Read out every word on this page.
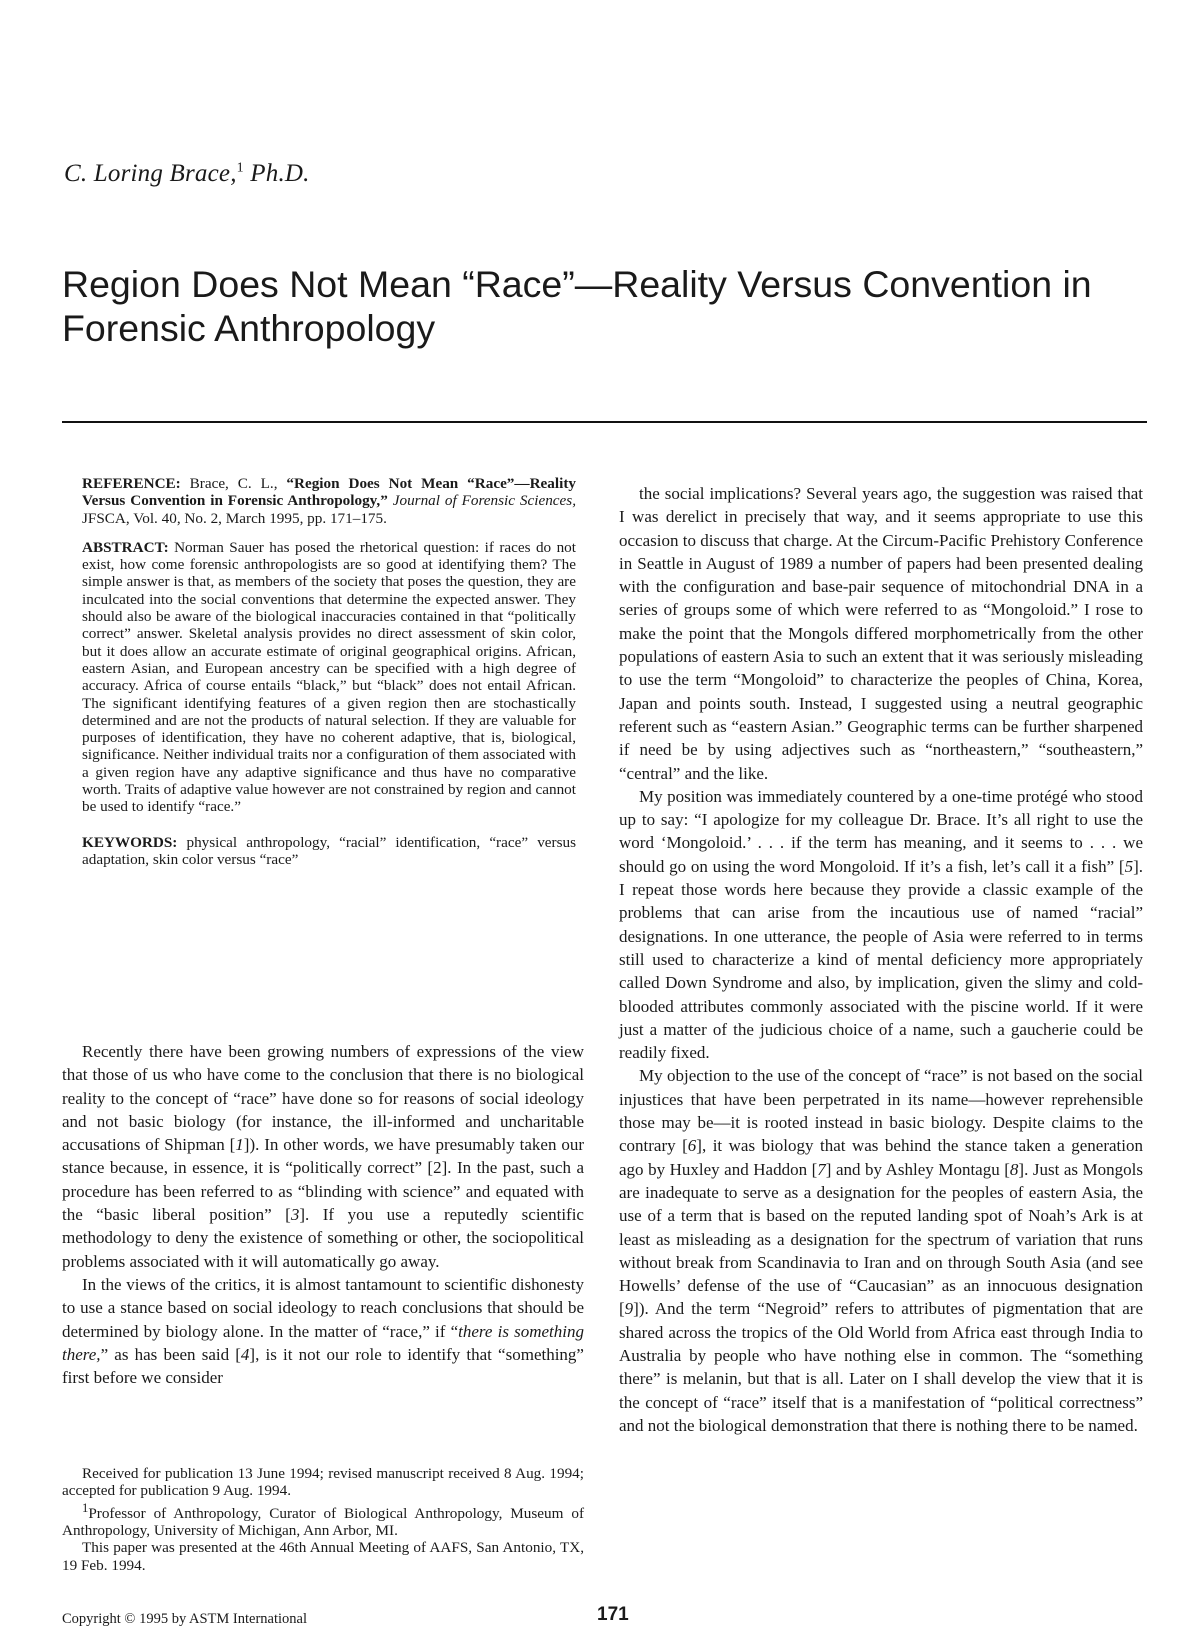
C. Loring Brace,$^1$ Ph.D.
Region Does Not Mean “Race”—Reality Versus Convention in Forensic Anthropology

REFERENCE: Brace, C. L., “Region Does Not Mean “Race”—Reality Versus Convention in Forensic Anthropology,” Journal of Forensic Sciences, JFSCA, Vol. 40, No. 2, March 1995, pp. 171–175.

ABSTRACT: Norman Sauer has posed the rhetorical question: if races do not exist, how come forensic anthropologists are so good at identifying them? The simple answer is that, as members of the society that poses the question, they are inculcated into the social conventions that determine the expected answer. They should also be aware of the biological inaccuracies contained in that “politically correct” answer. Skeletal analysis provides no direct assessment of skin color, but it does allow an accurate estimate of original geographical origins. African, eastern Asian, and European ancestry can be specified with a high degree of accuracy. Africa of course entails “black,” but “black” does not entail African. The significant identifying features of a given region then are stochastically determined and are not the products of natural selection. If they are valuable for purposes of identification, they have no coherent adaptive, that is, biological, significance. Neither individual traits nor a configuration of them associated with a given region have any adaptive significance and thus have no comparative worth. Traits of adaptive value however are not constrained by region and cannot be used to identify “race.”

KEYWORDS: physical anthropology, “racial” identification, “race” versus adaptation, skin color versus “race”

Recently there have been growing numbers of expressions of the view that those of us who have come to the conclusion that there is no biological reality to the concept of “race” have done so for reasons of social ideology and not basic biology (for instance, the ill-informed and uncharitable accusations of Shipman [1]). In other words, we have presumably taken our stance because, in essence, it is “politically correct” [2]. In the past, such a procedure has been referred to as “blinding with science” and equated with the “basic liberal position” [3]. If you use a reputedly scientific methodology to deny the existence of something or other, the sociopolitical problems associated with it will automatically go away.

In the views of the critics, it is almost tantamount to scientific dishonesty to use a stance based on social ideology to reach conclusions that should be determined by biology alone. In the matter of “race,” if “there is something there,” as has been said [4], is it not our role to identify that “something” first before we consider

Received for publication 13 June 1994; revised manuscript received 8 Aug. 1994; accepted for publication 9 Aug. 1994.

$^1$Professor of Anthropology, Curator of Biological Anthropology, Museum of Anthropology, University of Michigan, Ann Arbor, MI.

This paper was presented at the 46th Annual Meeting of AAFS, San Antonio, TX, 19 Feb. 1994.

the social implications? Several years ago, the suggestion was raised that I was derelict in precisely that way, and it seems appropriate to use this occasion to discuss that charge. At the Circum-Pacific Prehistory Conference in Seattle in August of 1989 a number of papers had been presented dealing with the configuration and base-pair sequence of mitochondrial DNA in a series of groups some of which were referred to as “Mongoloid.” I rose to make the point that the Mongols differed morphometrically from the other populations of eastern Asia to such an extent that it was seriously misleading to use the term “Mongoloid” to characterize the peoples of China, Korea, Japan and points south. Instead, I suggested using a neutral geographic referent such as “eastern Asian.” Geographic terms can be further sharpened if need be by using adjectives such as “northeastern,” “southeastern,” “central” and the like.

My position was immediately countered by a one-time protégé who stood up to say: “I apologize for my colleague Dr. Brace. It’s all right to use the word ‘Mongoloid.’ . . . if the term has meaning, and it seems to . . . we should go on using the word Mongoloid. If it’s a fish, let’s call it a fish” [5]. I repeat those words here because they provide a classic example of the problems that can arise from the incautious use of named “racial” designations. In one utterance, the people of Asia were referred to in terms still used to characterize a kind of mental deficiency more appropriately called Down Syndrome and also, by implication, given the slimy and cold-blooded attributes commonly associated with the piscine world. If it were just a matter of the judicious choice of a name, such a gaucherie could be readily fixed.

My objection to the use of the concept of “race” is not based on the social injustices that have been perpetrated in its name—however reprehensible those may be—it is rooted instead in basic biology. Despite claims to the contrary [6], it was biology that was behind the stance taken a generation ago by Huxley and Haddon [7] and by Ashley Montagu [8]. Just as Mongols are inadequate to serve as a designation for the peoples of eastern Asia, the use of a term that is based on the reputed landing spot of Noah’s Ark is at least as misleading as a designation for the spectrum of variation that runs without break from Scandinavia to Iran and on through South Asia (and see Howells’ defense of the use of “Caucasian” as an innocuous designation [9]). And the term “Negroid” refers to attributes of pigmentation that are shared across the tropics of the Old World from Africa east through India to Australia by people who have nothing else in common. The “something there” is melanin, but that is all. Later on I shall develop the view that it is the concept of “race” itself that is a manifestation of “political correctness” and not the biological demonstration that there is nothing there to be named.

Copyright © 1995 by ASTM International	171
